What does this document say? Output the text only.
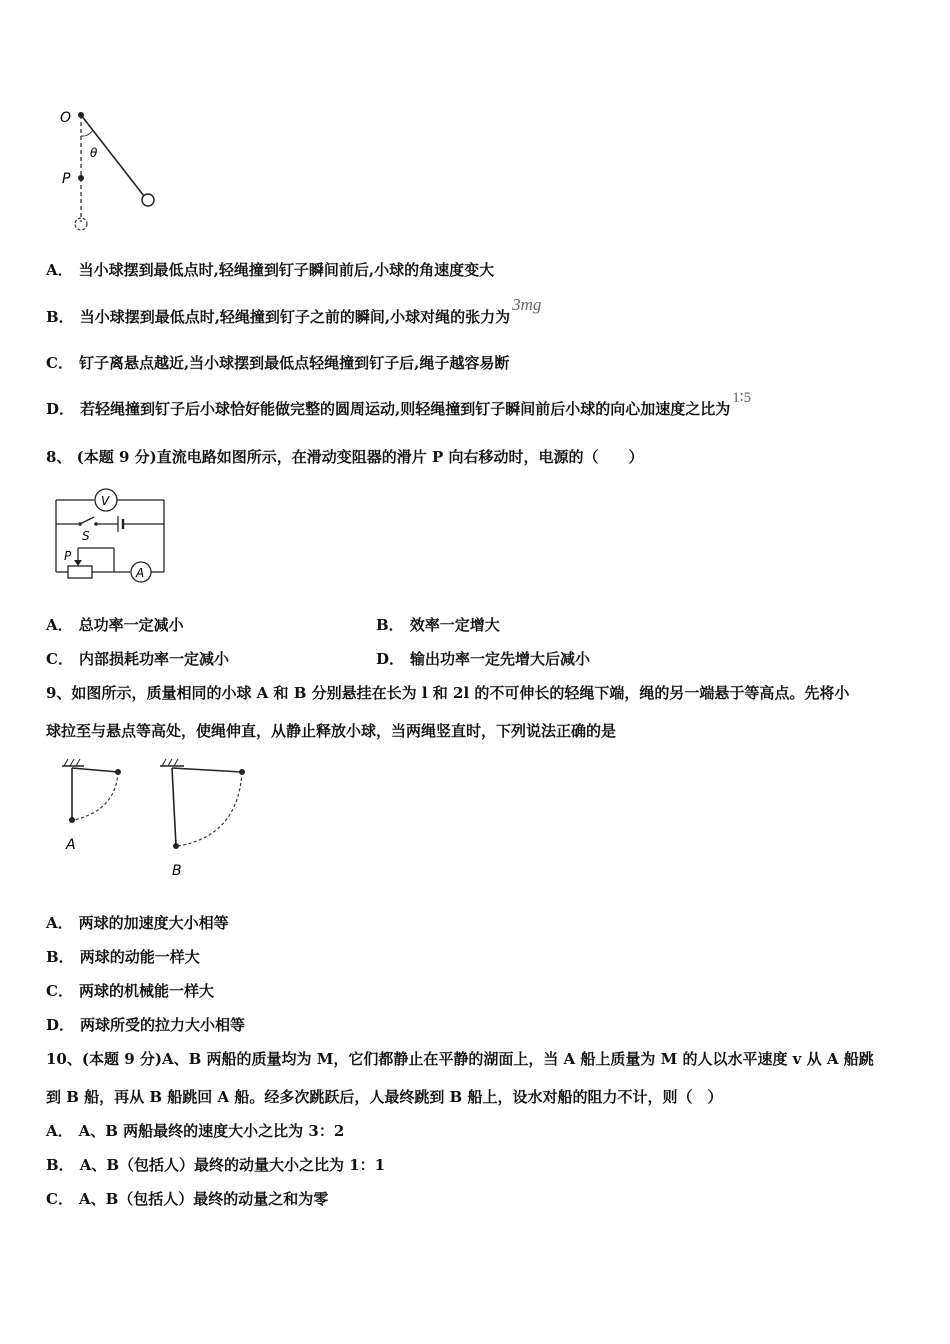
O
θ
P
A． 当小球摆到最低点时,轻绳撞到钉子瞬间前后,小球的角速度变大
B． 当小球摆到最低点时,轻绳撞到钉子之前的瞬间,小球对绳的张力为3mg
C． 钉子离悬点越近,当小球摆到最低点轻绳撞到钉子后,绳子越容易断
D． 若轻绳撞到钉子后小球恰好能做完整的圆周运动,则轻绳撞到钉子瞬间前后小球的向心加速度之比为1∶5
8、 (本题 9 分)直流电路如图所示，在滑动变阻器的滑片 P 向右移动时，电源的（　　）
V
S
A
P
A． 总功率一定减小	B． 效率一定增大
C． 内部损耗功率一定减小	D． 输出功率一定先增大后减小
9、如图所示，质量相同的小球 A 和 B 分别悬挂在长为 l 和 2l 的不可伸长的轻绳下端，绳的另一端悬于等高点。先将小
球拉至与悬点等高处，使绳伸直，从静止释放小球，当两绳竖直时，下列说法正确的是
A
B
A． 两球的加速度大小相等
B． 两球的动能一样大
C． 两球的机械能一样大
D． 两球所受的拉力大小相等
10、(本题 9 分)A、B 两船的质量均为 M，它们都静止在平静的湖面上，当 A 船上质量为 M 的人以水平速度 v 从 A 船跳
到 B 船，再从 B 船跳回 A 船。经多次跳跃后，人最终跳到 B 船上，设水对船的阻力不计，则（　）
A． A、B 两船最终的速度大小之比为 3：2
B． A、B（包括人）最终的动量大小之比为 1：1
C． A、B（包括人）最终的动量之和为零
